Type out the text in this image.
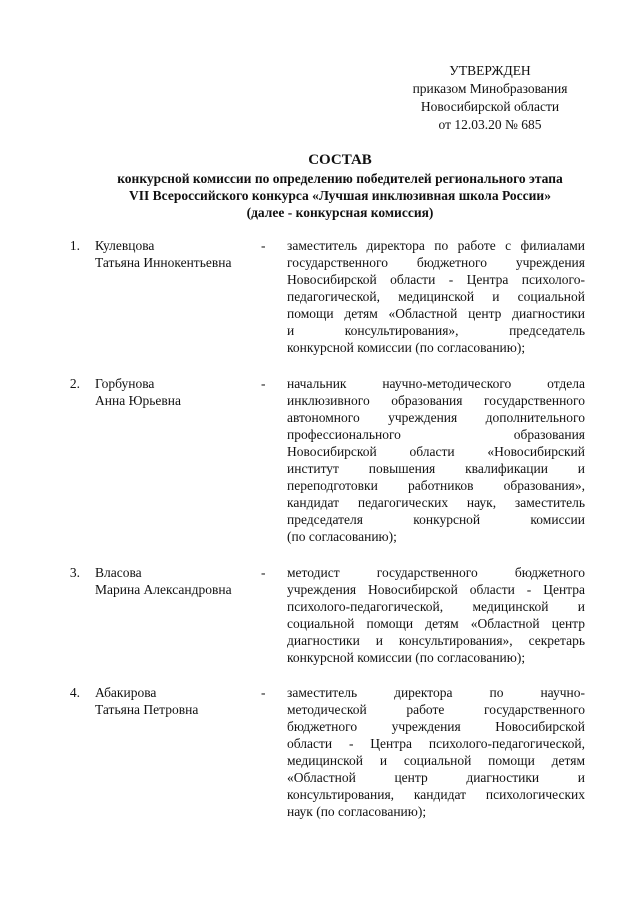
УТВЕРЖДЕН
приказом Минобразования
Новосибирской области
от 12.03.20 № 685
СОСТАВ
конкурсной комиссии по определению победителей регионального этапа
VII Всероссийского конкурса «Лучшая инклюзивная школа России»
(далее - конкурсная комиссия)
1. Кулевцова
Татьяна Иннокентьевна
- заместитель директора по работе с филиалами
государственного бюджетного учреждения
Новосибирской области - Центра психолого-
педагогической, медицинской и социальной
помощи детям «Областной центр диагностики
и консультирования», председатель
конкурсной комиссии (по согласованию);
2. Горбунова
Анна Юрьевна
- начальник научно-методического отдела
инклюзивного образования государственного
автономного учреждения дополнительного
профессионального образования
Новосибирской области «Новосибирский
институт повышения квалификации и
переподготовки работников образования»,
кандидат педагогических наук, заместитель
председателя конкурсной комиссии
(по согласованию);
3. Власова
Марина Александровна
- методист государственного бюджетного
учреждения Новосибирской области - Центра
психолого-педагогической, медицинской и
социальной помощи детям «Областной центр
диагностики и консультирования», секретарь
конкурсной комиссии (по согласованию);
4. Абакирова
Татьяна Петровна
- заместитель директора по научно-
методической работе государственного
бюджетного учреждения Новосибирской
области - Центра психолого-педагогической,
медицинской и социальной помощи детям
«Областной центр диагностики и
консультирования, кандидат психологических
наук (по согласованию);
